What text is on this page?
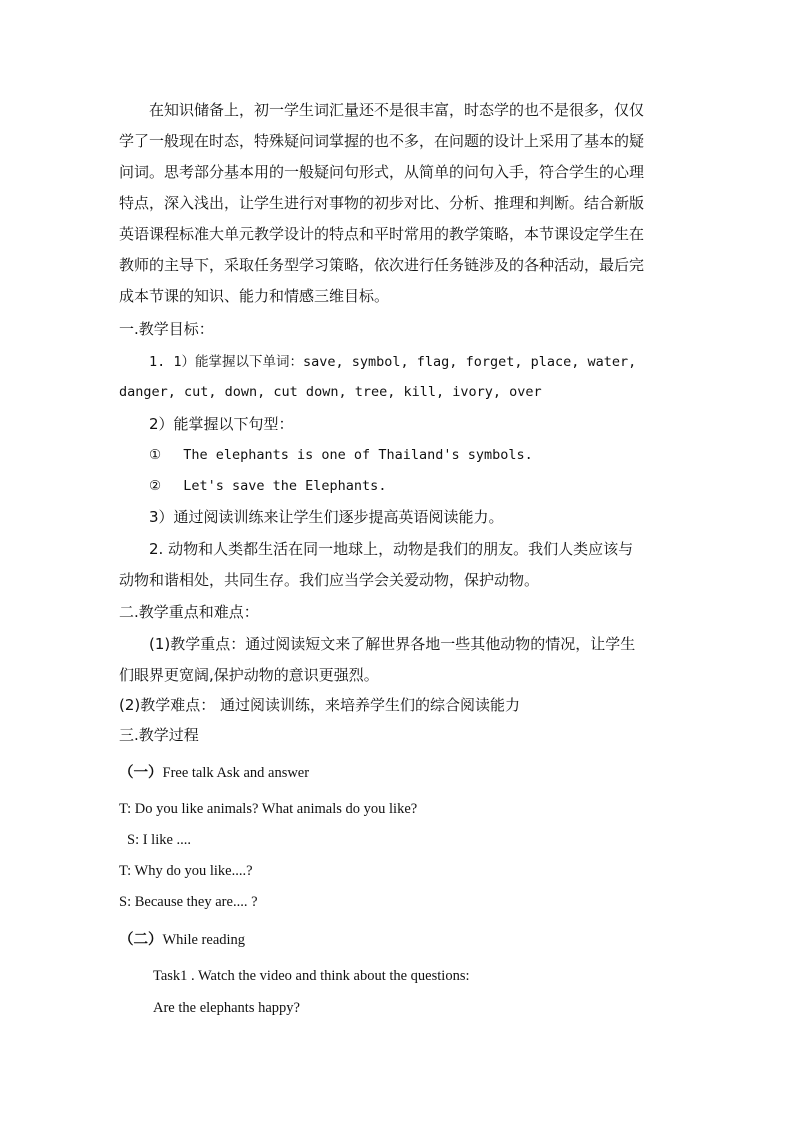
在知识储备上，初一学生词汇量还不是很丰富，时态学的也不是很多，仅仅
学了一般现在时态，特殊疑问词掌握的也不多，在问题的设计上采用了基本的疑
问词。思考部分基本用的一般疑问句形式，从简单的问句入手，符合学生的心理
特点，深入浅出，让学生进行对事物的初步对比、分析、推理和判断。结合新版
英语课程标准大单元教学设计的特点和平时常用的教学策略，本节课设定学生在
教师的主导下，采取任务型学习策略，依次进行任务链涉及的各种活动，最后完
成本节课的知识、能力和情感三维目标。
一.教学目标：
1. 1）能掌握以下单词：save, symbol, flag, forget, place, water,
danger, cut, down, cut down, tree, kill, ivory, over
2）能掌握以下句型：
① The elephants is one of Thailand's symbols.
② Let's save the Elephants.
3）通过阅读训练来让学生们逐步提高英语阅读能力。
2. 动物和人类都生活在同一地球上，动物是我们的朋友。我们人类应该与
动物和谐相处，共同生存。我们应当学会关爱动物，保护动物。
二.教学重点和难点：
(1)教学重点：通过阅读短文来了解世界各地一些其他动物的情况，让学生
们眼界更宽阔,保护动物的意识更强烈。
(2)教学难点： 通过阅读训练，来培养学生们的综合阅读能力
三.教学过程
（一）Free talk Ask and answer
T: Do you like animals? What animals do you like?
S: I like ....
T: Why do you like....?
S: Because they are.... ?
（二）While reading
Task1 . Watch the video and think about the questions:
Are the elephants happy?
